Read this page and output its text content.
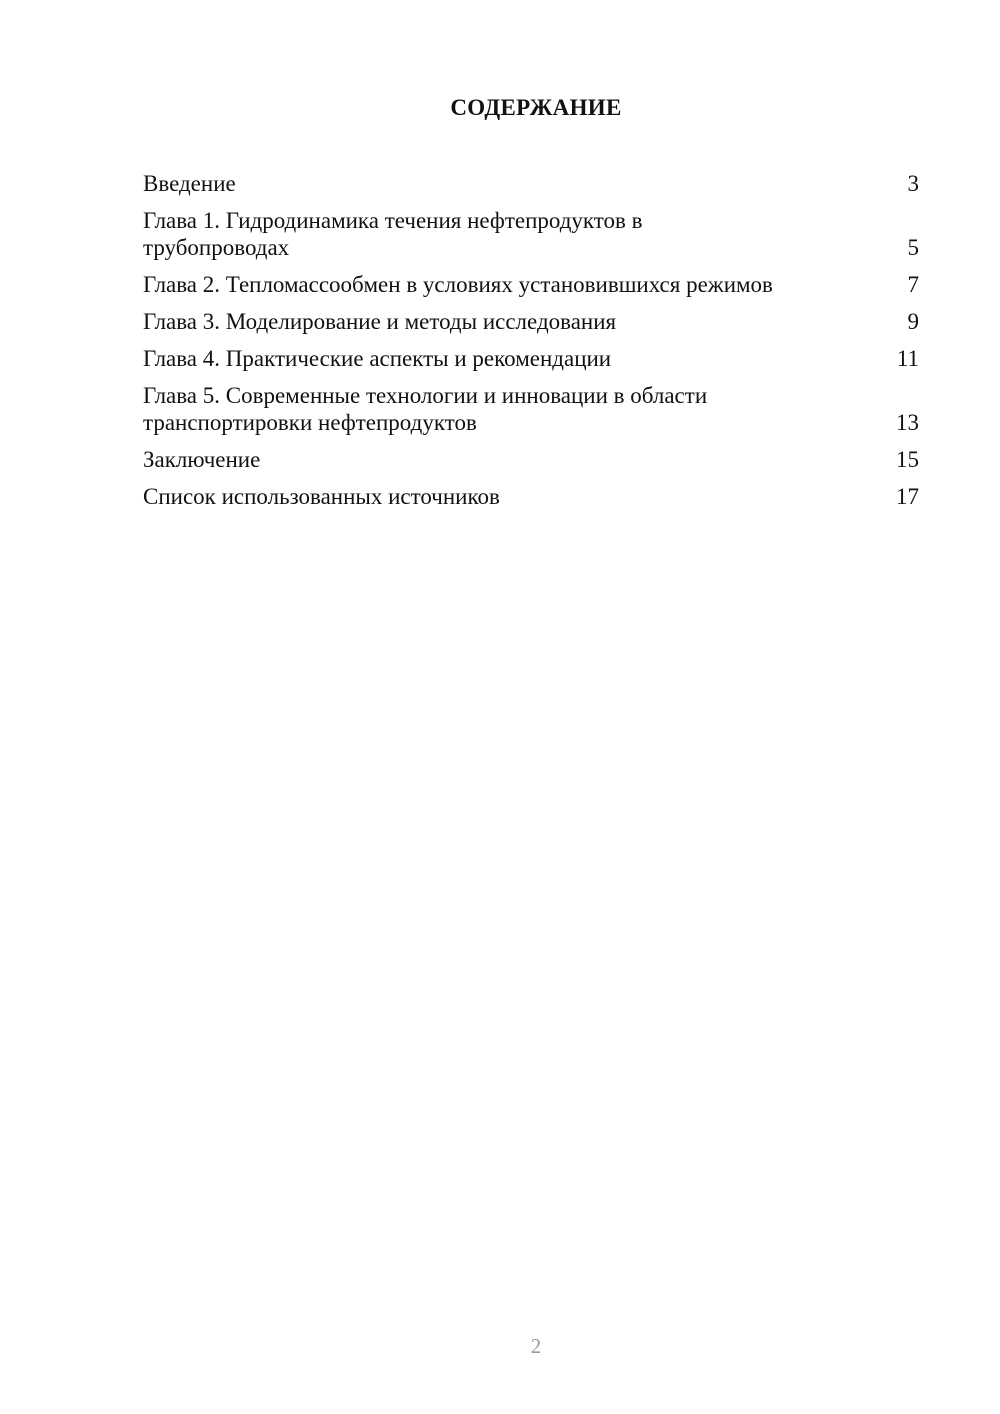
СОДЕРЖАНИЕ
Введение	3
Глава 1. Гидродинамика течения нефтепродуктов в трубопроводах	5
Глава 2. Тепломассообмен в условиях установившихся режимов	7
Глава 3. Моделирование и методы исследования	9
Глава 4. Практические аспекты и рекомендации	11
Глава 5. Современные технологии и инновации в области транспортировки нефтепродуктов	13
Заключение	15
Список использованных источников	17
2
